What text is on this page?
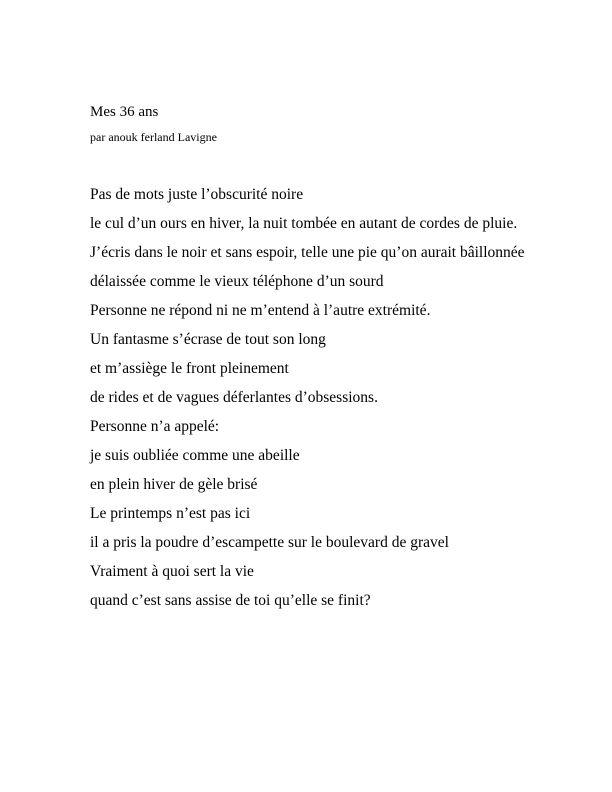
Mes 36 ans

par anouk ferland Lavigne

Pas de mots juste l’obscurité noire
le cul d’un ours en hiver, la nuit tombée en autant de cordes de pluie.
J’écris dans le noir et sans espoir, telle une pie qu’on aurait bâillonnée
délaissée comme le vieux téléphone d’un sourd
Personne ne répond ni ne m’entend à l’autre extrémité.
Un fantasme s’écrase de tout son long
et m’assiège le front pleinement
de rides et de vagues déferlantes d’obsessions.
Personne n’a appelé:
je suis oubliée comme une abeille
en plein hiver de gèle brisé
Le printemps n’est pas ici
il a pris la poudre d’escampette sur le boulevard de gravel
Vraiment à quoi sert la vie
quand c’est sans assise de toi qu’elle se finit?
